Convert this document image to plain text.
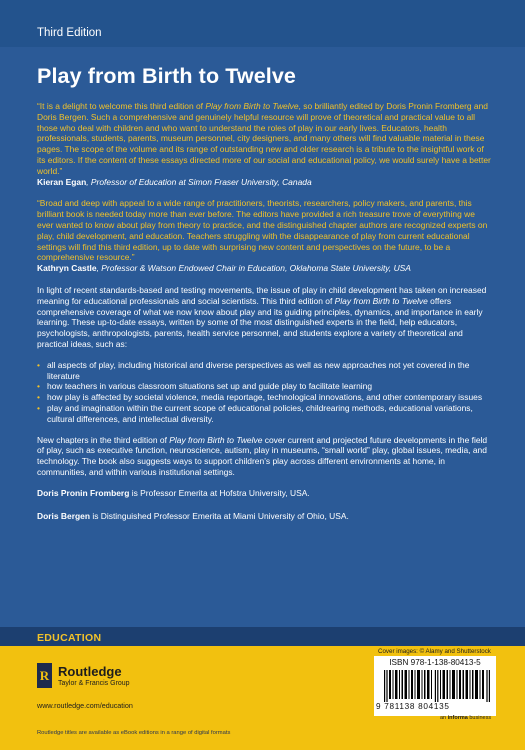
Third Edition
Play from Birth to Twelve

“It is a delight to welcome this third edition of Play from Birth to Twelve, so brilliantly edited by Doris Pronin Fromberg and Doris Bergen. Such a comprehensive and genuinely helpful resource will prove of theoretical and practical value to all those who deal with children and who want to understand the roles of play in our early lives. Educators, health professionals, students, parents, museum personnel, city designers, and many others will find valuable material in these pages. The scope of the volume and its range of outstanding new and older research is a tribute to the insightful work of its editors. If the content of these essays directed more of our social and educational policy, we would surely have a better world.”

Kieran Egan, Professor of Education at Simon Fraser University, Canada

“Broad and deep with appeal to a wide range of practitioners, theorists, researchers, policy makers, and parents, this brilliant book is needed today more than ever before. The editors have provided a rich treasure trove of everything we ever wanted to know about play from theory to practice, and the distinguished chapter authors are recognized experts on play, child development, and education. Teachers struggling with the disappearance of play from current educational settings will find this third edition, up to date with surprising new content and perspectives on the future, to be a comprehensive resource.”

Kathryn Castle, Professor & Watson Endowed Chair in Education, Oklahoma State University, USA

In light of recent standards-based and testing movements, the issue of play in child development has taken on increased meaning for educational professionals and social scientists. This third edition of Play from Birth to Twelve offers comprehensive coverage of what we now know about play and its guiding principles, dynamics, and importance in early learning. These up-to-date essays, written by some of the most distinguished experts in the field, help educators, psychologists, anthropologists, parents, health service personnel, and students explore a variety of theoretical and practical ideas, such as:

• all aspects of play, including historical and diverse perspectives as well as new approaches not yet covered in the literature
• how teachers in various classroom situations set up and guide play to facilitate learning
• how play is affected by societal violence, media reportage, technological innovations, and other contemporary issues
• play and imagination within the current scope of educational policies, childrearing methods, educational variations, cultural differences, and intellectual diversity.

New chapters in the third edition of Play from Birth to Twelve cover current and projected future developments in the field of play, such as executive function, neuroscience, autism, play in museums, “small world” play, global issues, media, and technology. The book also suggests ways to support children’s play across different environments at home, in communities, and within various institutional settings.

Doris Pronin Fromberg is Professor Emerita at Hofstra University, USA.

Doris Bergen is Distinguished Professor Emerita at Miami University of Ohio, USA.

EDUCATION
Cover images: © Alamy and Shutterstock
R Routledge
Taylor & Francis Group
www.routledge.com/education
Routledge titles are available as eBook editions in a range of digital formats
ISBN 978-1-138-80413-5
9 781138 804135
an informa business
